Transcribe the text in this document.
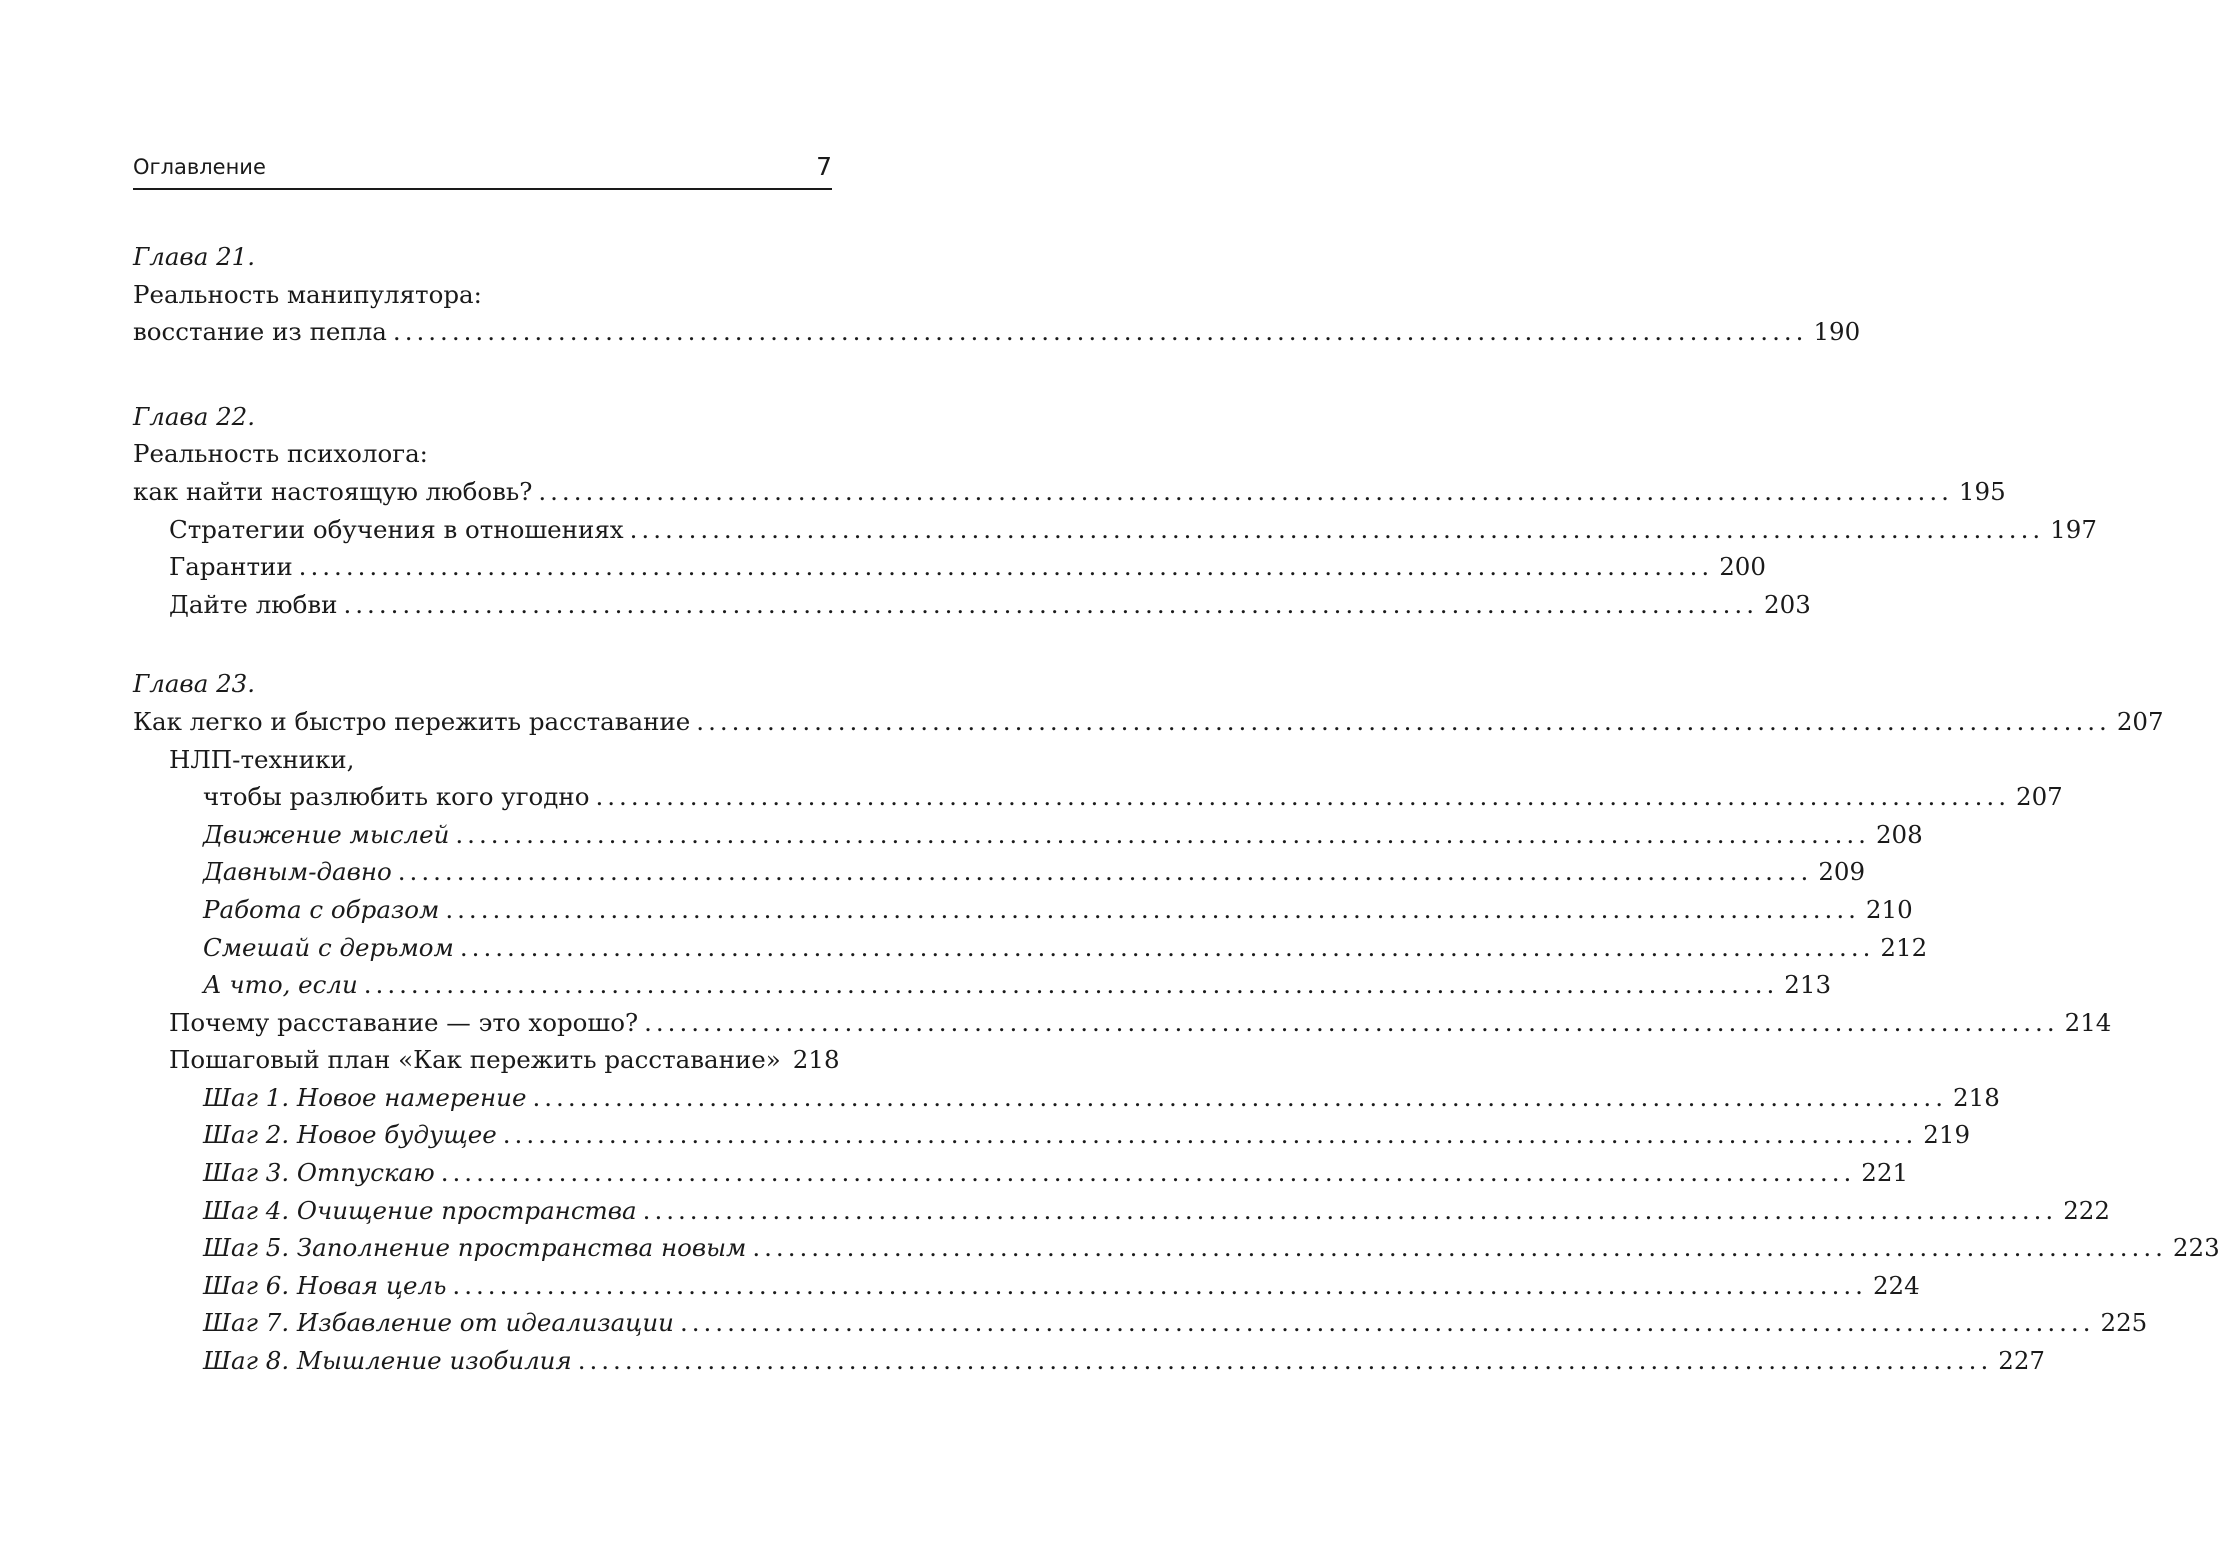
Оглавление	7
Глава 21.
Реальность манипулятора:
восстание из пепла ........................................................................................................................ 190
Глава 22.
Реальность психолога:
как найти настоящую любовь? ........................................................................................................................ 195
Стратегии обучения в отношениях ........................................................................................................................ 197
Гарантии ........................................................................................................................ 200
Дайте любви ........................................................................................................................ 203
Глава 23.
Как легко и быстро пережить расставание ........................................................................................................................ 207
НЛП-техники,
чтобы разлюбить кого угодно ........................................................................................................................ 207
Движение мыслей ........................................................................................................................ 208
Давным-давно ........................................................................................................................ 209
Работа с образом ........................................................................................................................ 210
Смешай с дерьмом ........................................................................................................................ 212
А что, если ........................................................................................................................ 213
Почему расставание — это хорошо? ........................................................................................................................ 214
Пошаговый план «Как пережить расставание» 218
Шаг 1. Новое намерение ........................................................................................................................ 218
Шаг 2. Новое будущее ........................................................................................................................ 219
Шаг 3. Отпускаю ........................................................................................................................ 221
Шаг 4. Очищение пространства ........................................................................................................................ 222
Шаг 5. Заполнение пространства новым ........................................................................................................................ 223
Шаг 6. Новая цель ........................................................................................................................ 224
Шаг 7. Избавление от идеализации ........................................................................................................................ 225
Шаг 8. Мышление изобилия ........................................................................................................................ 227
